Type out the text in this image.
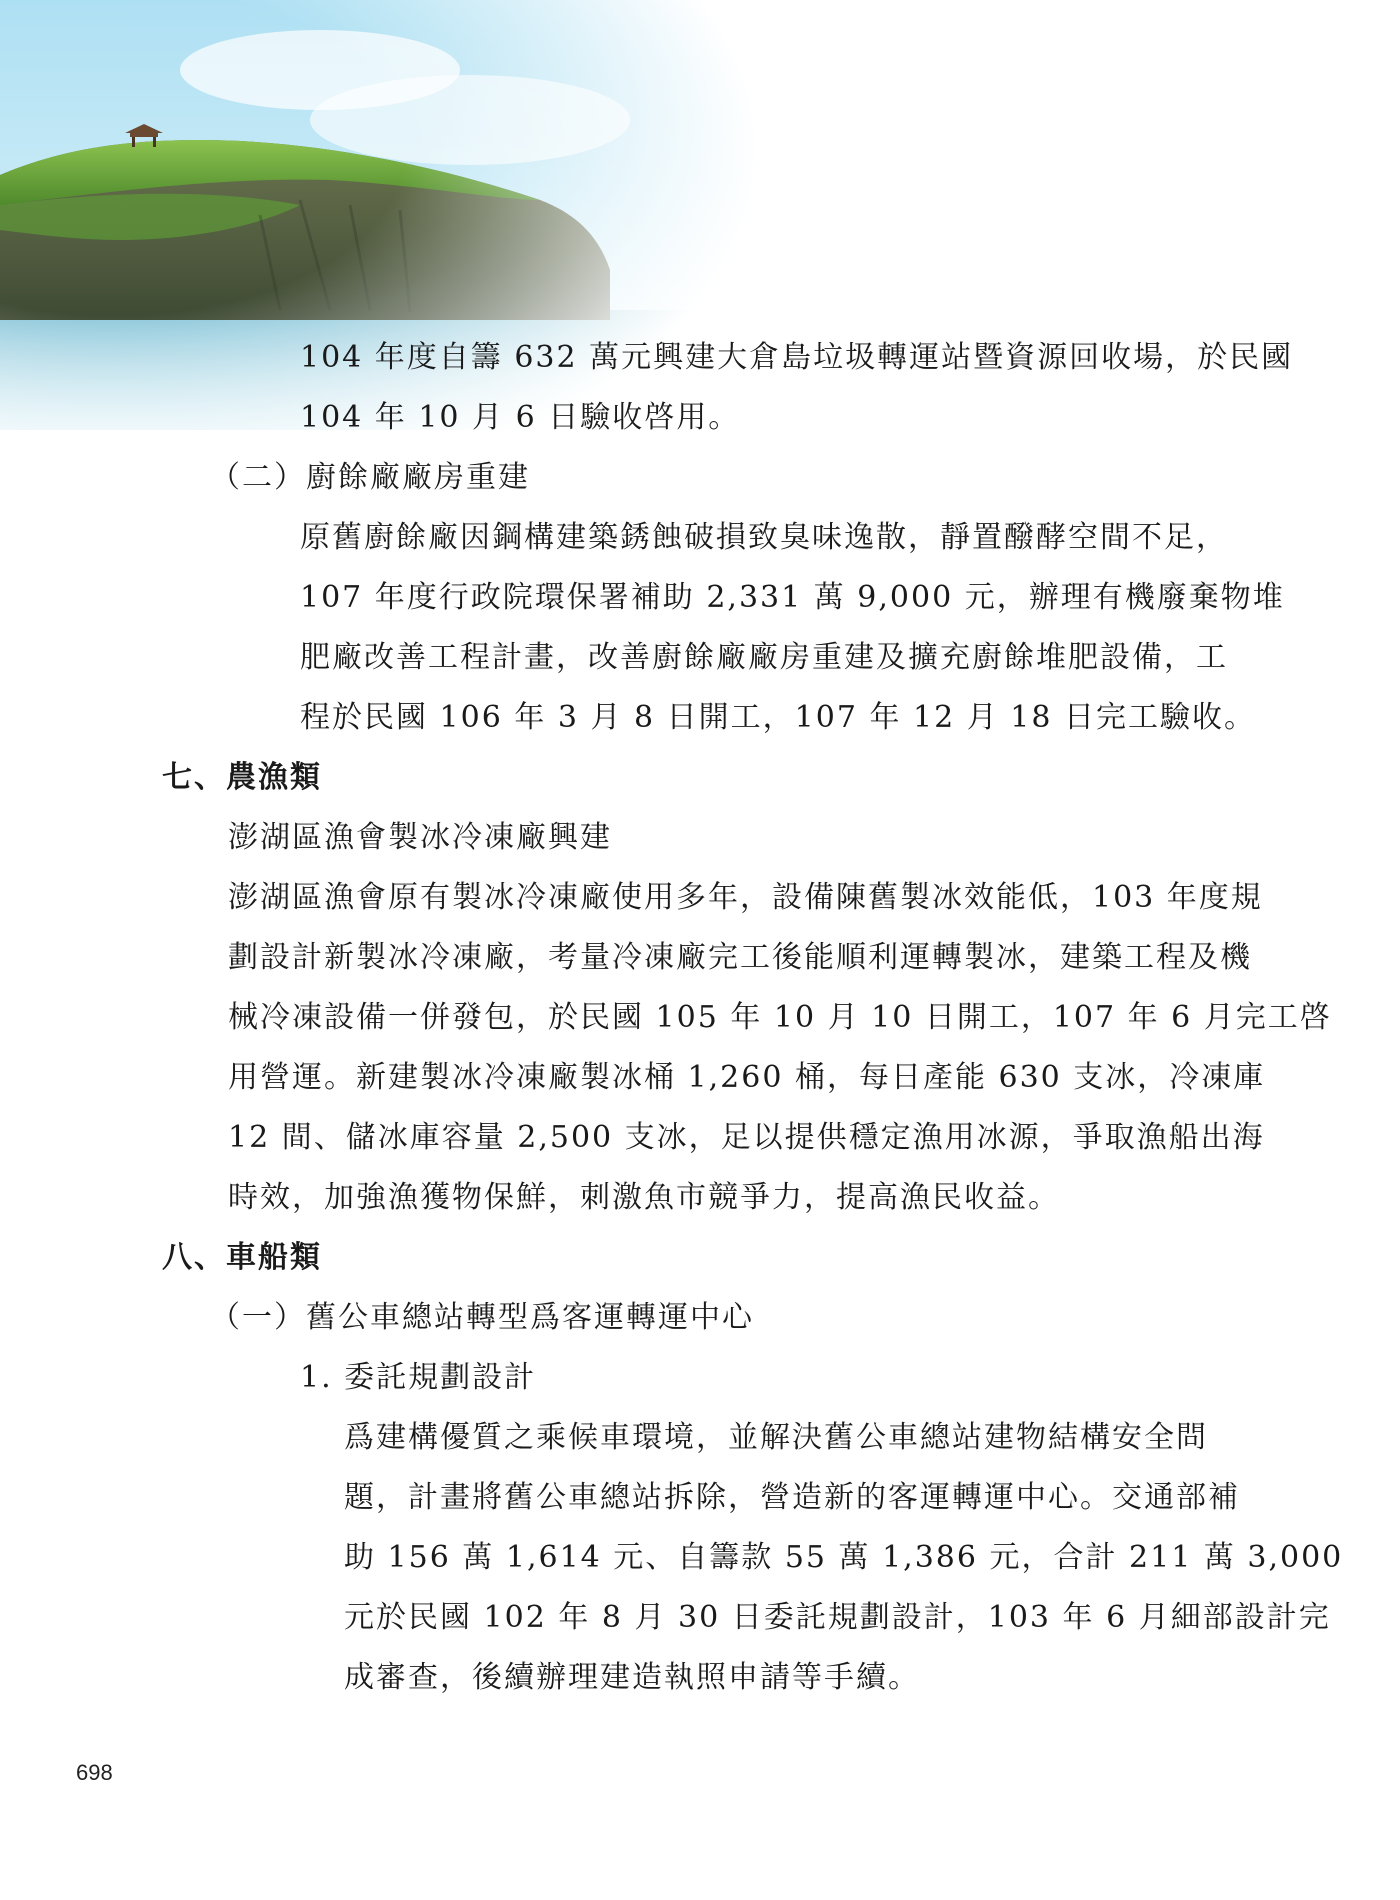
104 年度自籌 632 萬元興建大倉島垃圾轉運站暨資源回收場，於民國
104 年 10 月 6 日驗收啓用。
（二）廚餘廠廠房重建
原舊廚餘廠因鋼構建築銹蝕破損致臭味逸散，靜置醱酵空間不足，
107 年度行政院環保署補助 2,331 萬 9,000 元，辦理有機廢棄物堆
肥廠改善工程計畫，改善廚餘廠廠房重建及擴充廚餘堆肥設備，工
程於民國 106 年 3 月 8 日開工，107 年 12 月 18 日完工驗收。
七、農漁類
澎湖區漁會製冰冷凍廠興建
澎湖區漁會原有製冰冷凍廠使用多年，設備陳舊製冰效能低，103 年度規
劃設計新製冰冷凍廠，考量冷凍廠完工後能順利運轉製冰，建築工程及機
械冷凍設備一併發包，於民國 105 年 10 月 10 日開工，107 年 6 月完工啓
用營運。新建製冰冷凍廠製冰桶 1,260 桶，每日產能 630 支冰，冷凍庫
12 間、儲冰庫容量 2,500 支冰，足以提供穩定漁用冰源，爭取漁船出海
時效，加強漁獲物保鮮，刺激魚市競爭力，提高漁民收益。
八、車船類
（一）舊公車總站轉型爲客運轉運中心
1. 委託規劃設計
爲建構優質之乘候車環境，並解決舊公車總站建物結構安全問
題，計畫將舊公車總站拆除，營造新的客運轉運中心。交通部補
助 156 萬 1,614 元、自籌款 55 萬 1,386 元，合計 211 萬 3,000
元於民國 102 年 8 月 30 日委託規劃設計，103 年 6 月細部設計完
成審查，後續辦理建造執照申請等手續。
698
